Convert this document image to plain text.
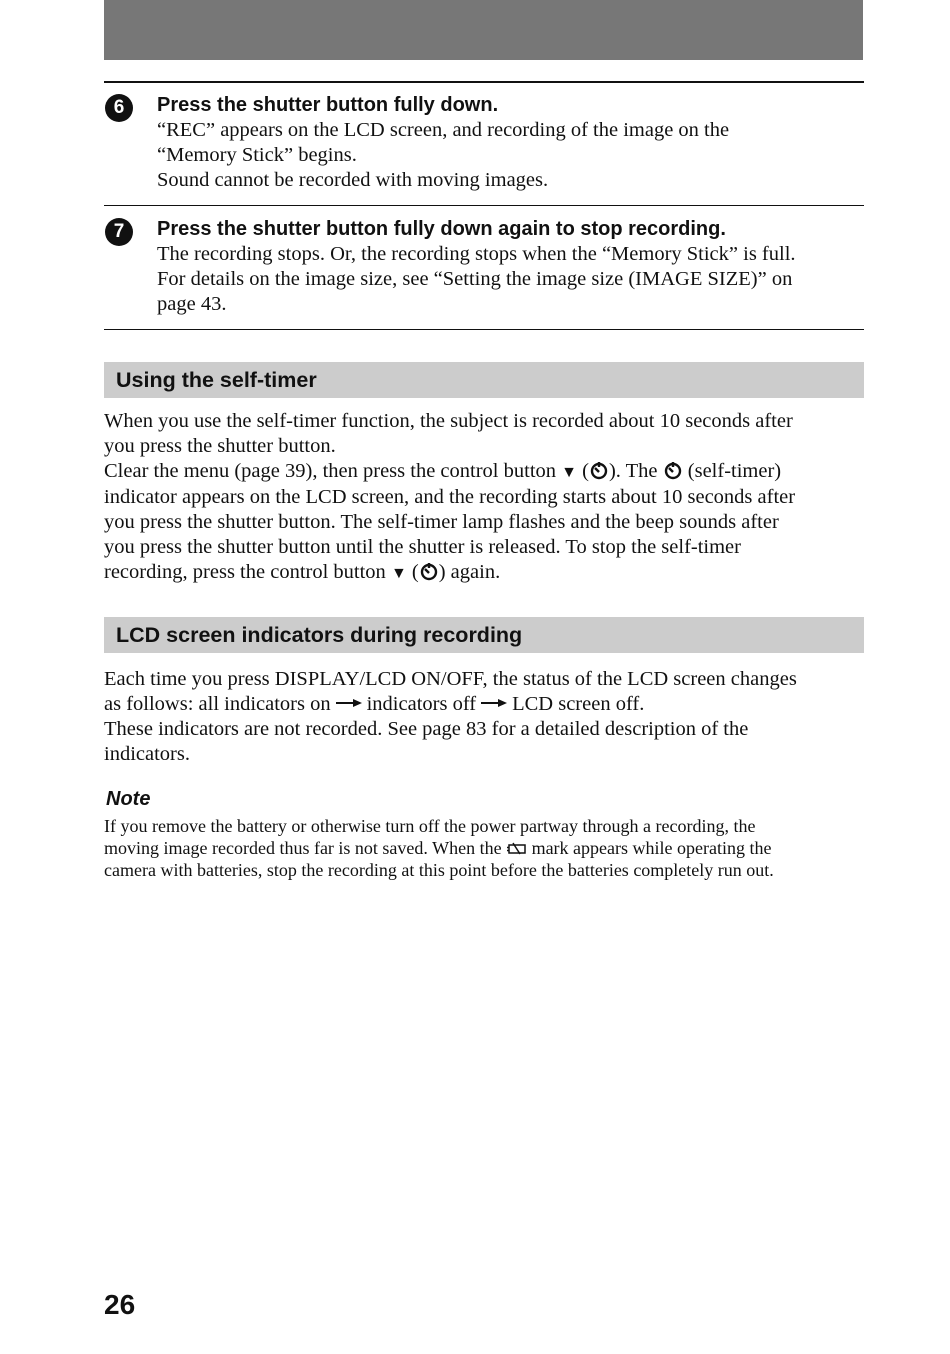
6	Press the shutter button fully down.
“REC” appears on the LCD screen, and recording of the image on the
“Memory Stick” begins.
Sound cannot be recorded with moving images.
7	Press the shutter button fully down again to stop recording.
The recording stops. Or, the recording stops when the “Memory Stick” is full.
For details on the image size, see “Setting the image size (IMAGE SIZE)” on
page 43.
Using the self-timer
When you use the self-timer function, the subject is recorded about 10 seconds after
you press the shutter button.
Clear the menu (page 39), then press the control button ▼ ( ). The (self-timer)
indicator appears on the LCD screen, and the recording starts about 10 seconds after
you press the shutter button. The self-timer lamp flashes and the beep sounds after
you press the shutter button until the shutter is released. To stop the self-timer
recording, press the control button ▼ ( ) again.
LCD screen indicators during recording
Each time you press DISPLAY/LCD ON/OFF, the status of the LCD screen changes
as follows: all indicators on indicators off LCD screen off.
These indicators are not recorded. See page 83 for a detailed description of the
indicators.
Note
If you remove the battery or otherwise turn off the power partway through a recording, the
moving image recorded thus far is not saved. When the mark appears while operating the
camera with batteries, stop the recording at this point before the batteries completely run out.
26
